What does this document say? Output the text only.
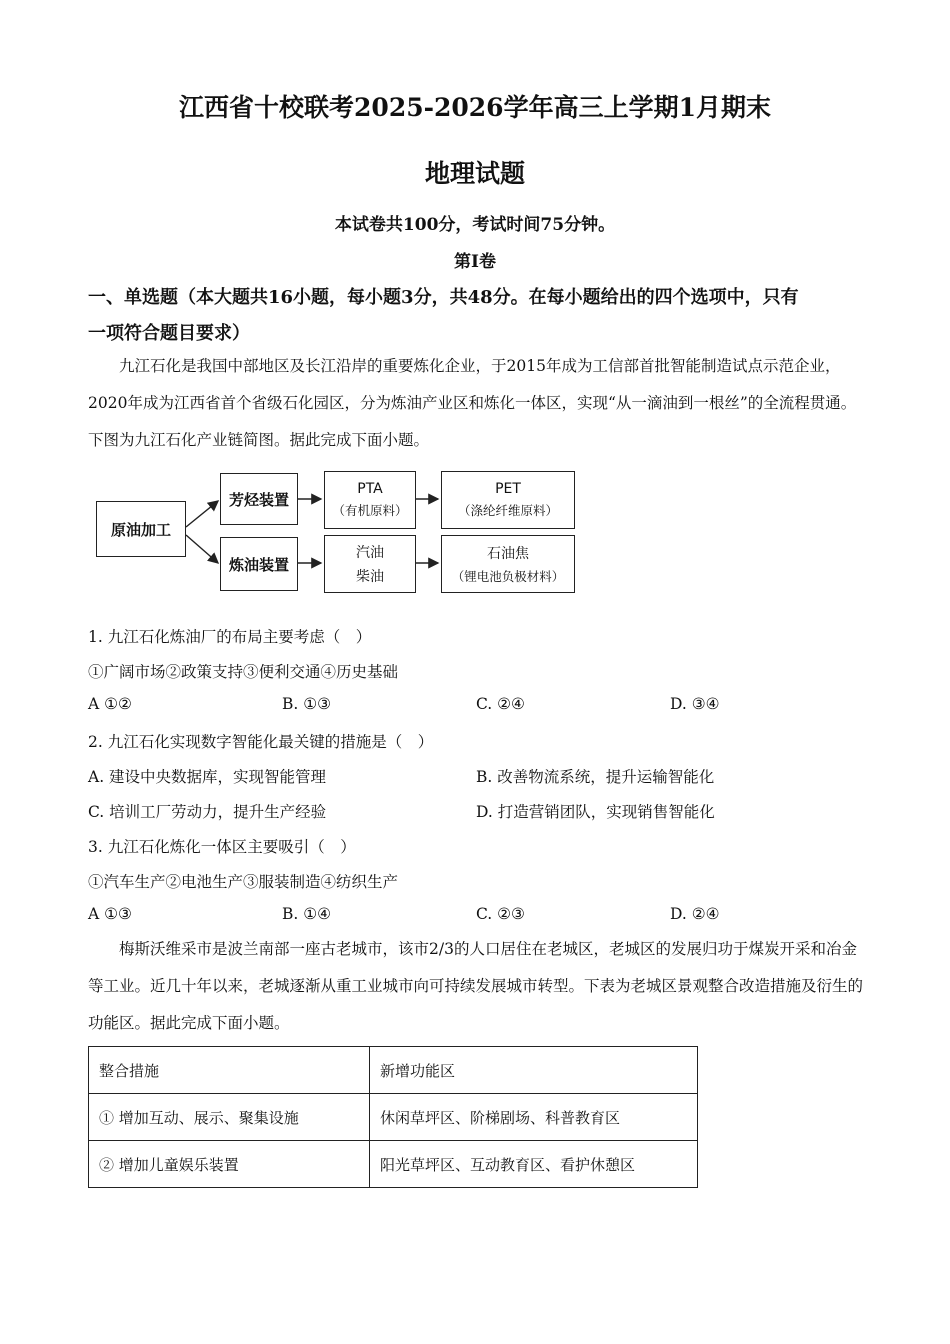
江西省十校联考2025-2026学年高三上学期1月期末
地理试题
本试卷共100分，考试时间75分钟。
第I卷
一、单选题（本大题共16小题，每小题3分，共48分。在每小题给出的四个选项中，只有
一项符合题目要求）
九江石化是我国中部地区及长江沿岸的重要炼化企业，于2015年成为工信部首批智能制造试点示范企业，2020年成为江西省首个省级石化园区，分为炼油产业区和炼化一体区，实现“从一滴油到一根丝”的全流程贯通。下图为九江石化产业链简图。据此完成下面小题。
原油加工
芳烃装置
炼油装置
PTA
（有机原料）
汽油
柴油
PET
（涤纶纤维原料）
石油焦
（锂电池负极材料）
1. 九江石化炼油厂的布局主要考虑（　）
①广阔市场②政策支持③便利交通④历史基础
A ①②	B. ①③	C. ②④	D. ③④
2. 九江石化实现数字智能化最关键的措施是（　）
A. 建设中央数据库，实现智能管理	B. 改善物流系统，提升运输智能化
C. 培训工厂劳动力，提升生产经验	D. 打造营销团队，实现销售智能化
3. 九江石化炼化一体区主要吸引（　）
①汽车生产②电池生产③服装制造④纺织生产
A ①③	B. ①④	C. ②③	D. ②④
梅斯沃维采市是波兰南部一座古老城市，该市2/3的人口居住在老城区，老城区的发展归功于煤炭开采和冶金等工业。近几十年以来，老城逐渐从重工业城市向可持续发展城市转型。下表为老城区景观整合改造措施及衍生的功能区。据此完成下面小题。
整合措施	新增功能区
① 增加互动、展示、聚集设施	休闲草坪区、阶梯剧场、科普教育区
② 增加儿童娱乐装置	阳光草坪区、互动教育区、看护休憩区
